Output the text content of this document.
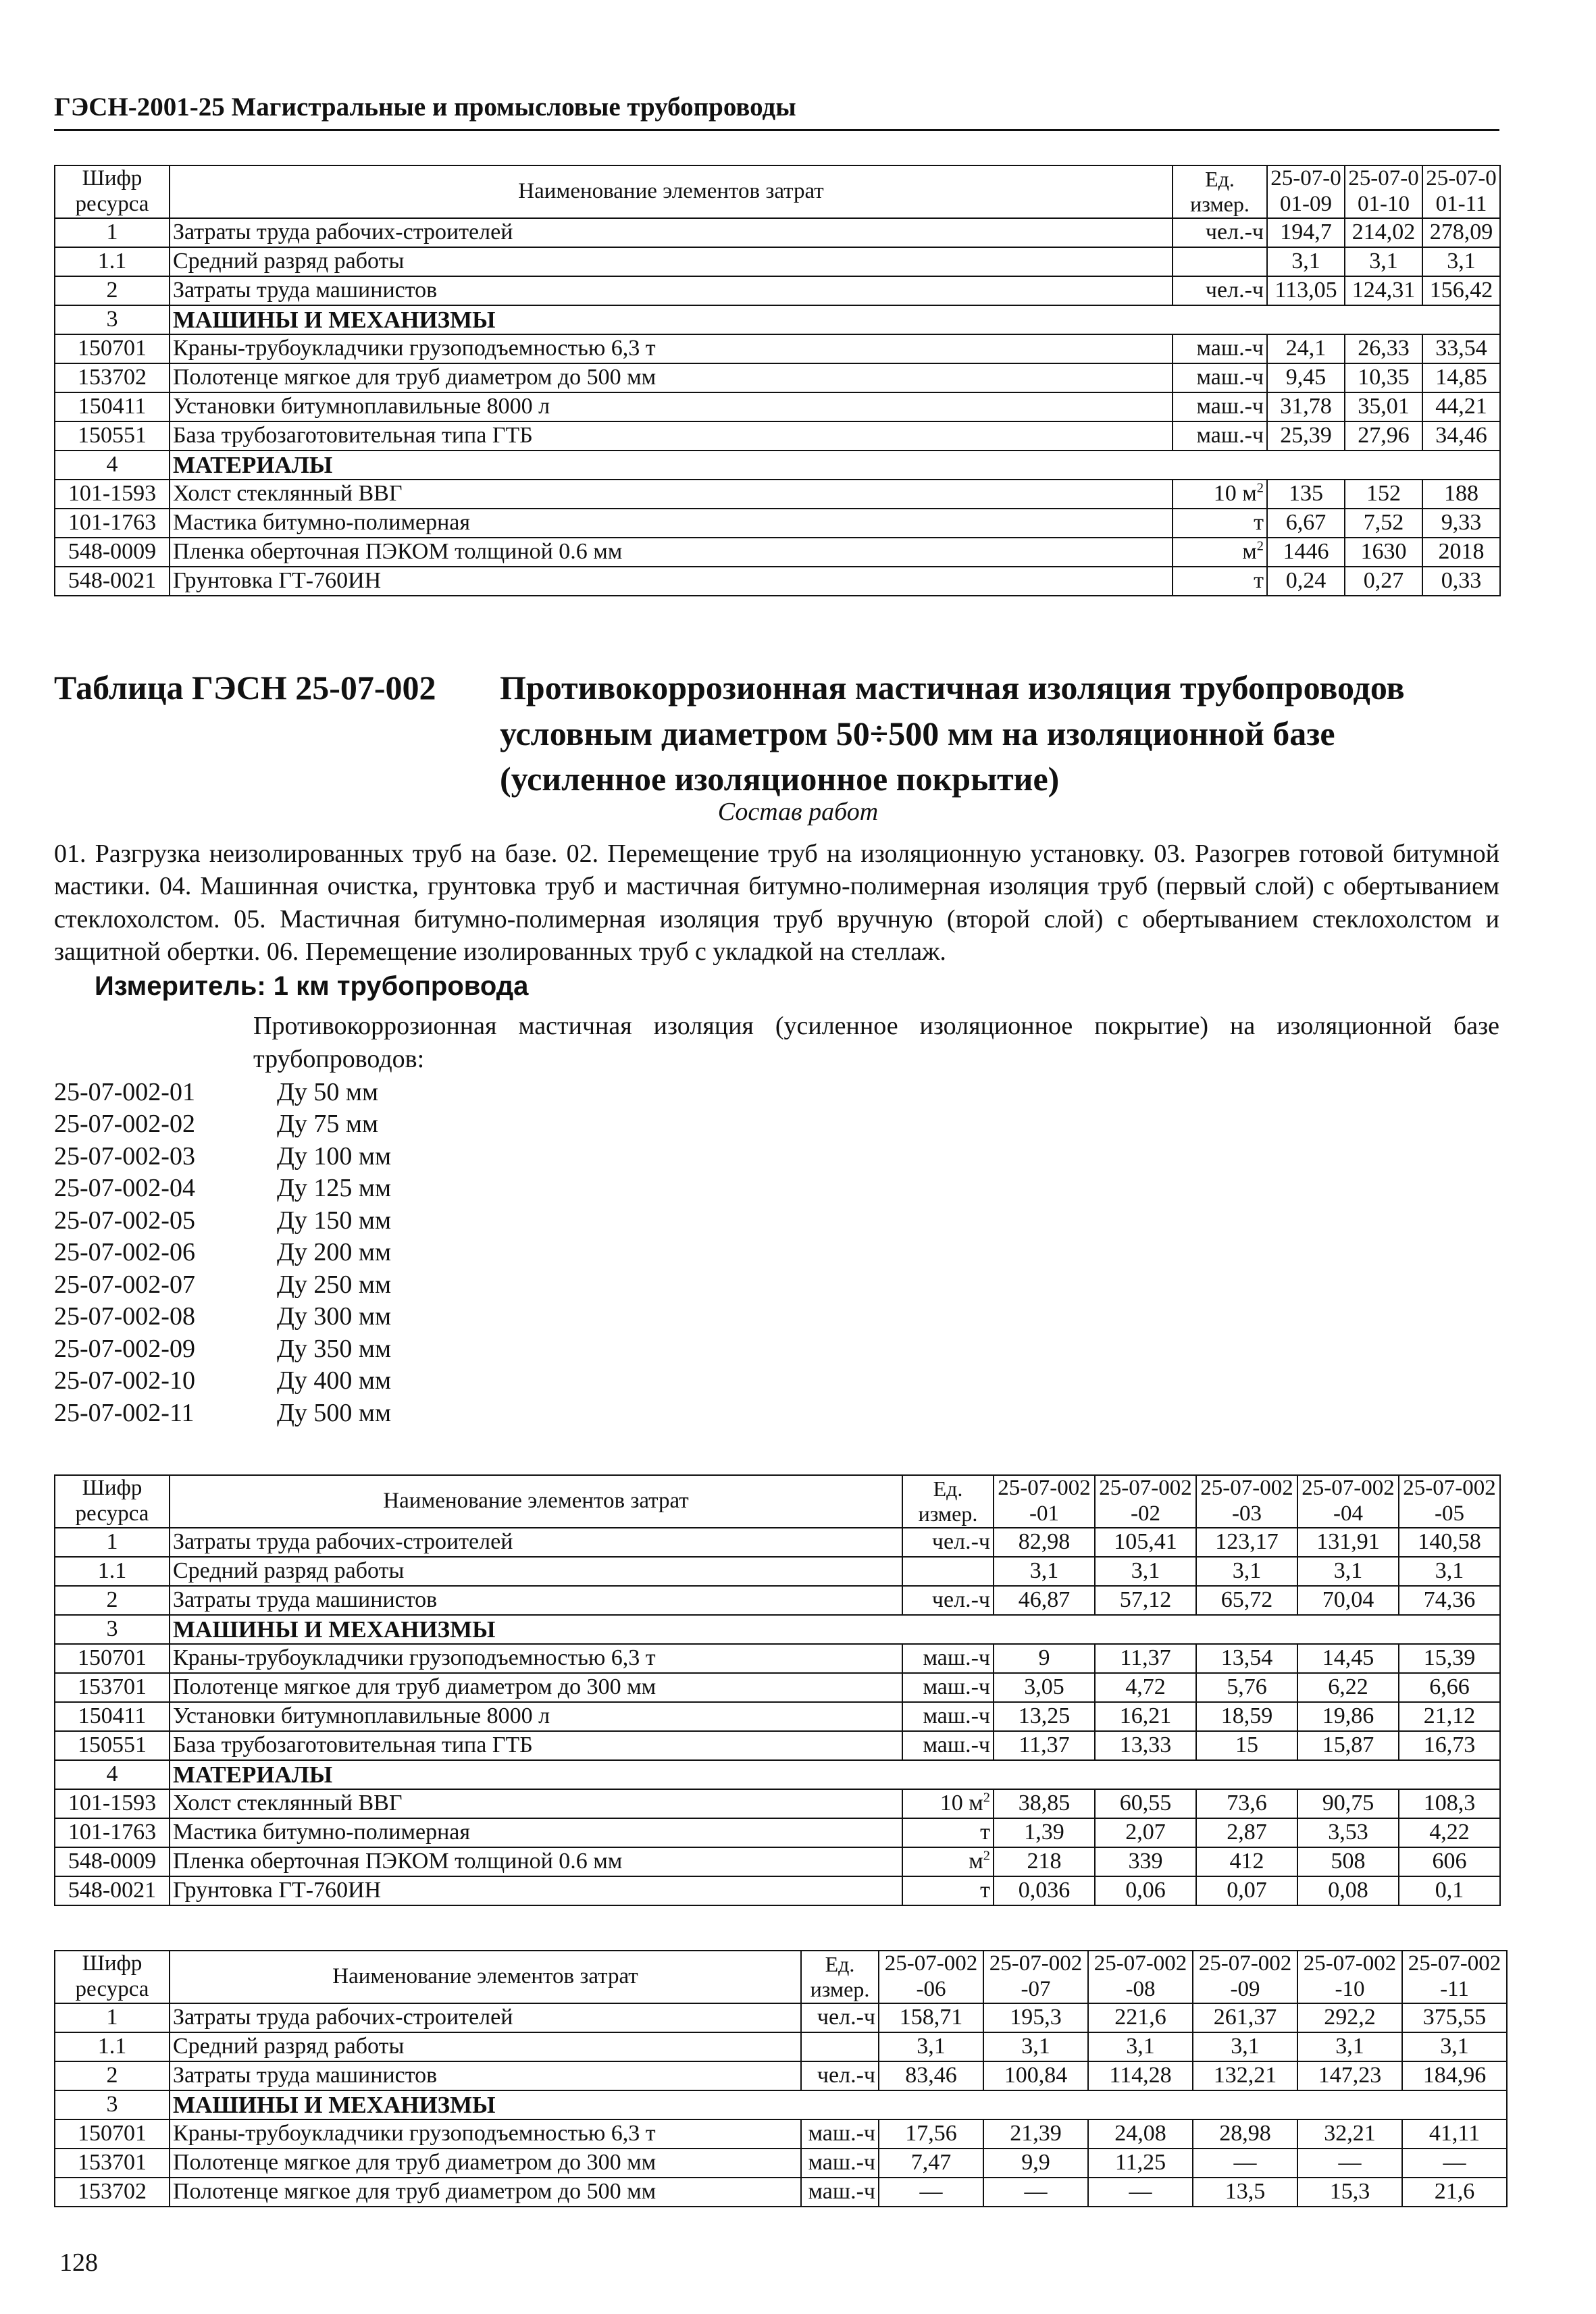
ГЭСН-2001-25 Магистральные и промысловые трубопроводы
Шифр ресурса	Наименование элементов затрат	Ед. измер.	25-07-001-09	25-07-001-10	25-07-001-11

1	Затраты труда рабочих-строителей	чел.-ч	194,7	214,02	278,09
1.1	Средний разряд работы		3,1	3,1	3,1
2	Затраты труда машинистов	чел.-ч	113,05	124,31	156,42
3	МАШИНЫ И МЕХАНИЗМЫ				
150701	Краны-трубоукладчики грузоподъемностью 6,3 т	маш.-ч	24,1	26,33	33,54
153702	Полотенце мягкое для труб диаметром до 500 мм	маш.-ч	9,45	10,35	14,85
150411	Установки битумноплавильные 8000 л	маш.-ч	31,78	35,01	44,21
150551	База трубозаготовительная типа ГТБ	маш.-ч	25,39	27,96	34,46
4	МАТЕРИАЛЫ				
101-1593	Холст стеклянный ВВГ	10 $м^2$	135	152	188
101-1763	Мастика битумно-полимерная	т	6,67	7,52	9,33
548-0009	Пленка оберточная ПЭКОМ толщиной 0.6 мм	$м^2$	1446	1630	2018
548-0021	Грунтовка ГТ-760ИН	т	0,24	0,27	0,33
Таблица ГЭСН 25-07-002 Противокоррозионная мастичная изоляция трубопроводов условным диаметром 50÷500 мм на изоляционной базе (усиленное изоляционное покрытие)
Состав работ
01. Разгрузка неизолированных труб на базе. 02. Перемещение труб на изоляционную установку. 03. Разогрев готовой битумной мастики. 04. Машинная очистка, грунтовка труб и мастичная битумно-полимерная изоляция труб (первый слой) с обертыванием стеклохолстом. 05. Мастичная битумно-полимерная изоляция труб вручную (второй слой) с обертыванием стеклохолстом и защитной обертки. 06. Перемещение изолированных труб с укладкой на стеллаж.
Измеритель: 1 км трубопровода
Противокоррозионная мастичная изоляция (усиленное изоляционное покрытие) на изоляционной базе трубопроводов:
25-07-002-01	Ду 50 мм
25-07-002-02	Ду 75 мм
25-07-002-03	Ду 100 мм
25-07-002-04	Ду 125 мм
25-07-002-05	Ду 150 мм
25-07-002-06	Ду 200 мм
25-07-002-07	Ду 250 мм
25-07-002-08	Ду 300 мм
25-07-002-09	Ду 350 мм
25-07-002-10	Ду 400 мм
25-07-002-11	Ду 500 мм
Шифр ресурса	Наименование элементов затрат	Ед. измер.	25-07-002-01	25-07-002-02	25-07-002-03	25-07-002-04	25-07-002-05

1	Затраты труда рабочих-строителей	чел.-ч	82,98	105,41	123,17	131,91	140,58
1.1	Средний разряд работы		3,1	3,1	3,1	3,1	3,1
2	Затраты труда машинистов	чел.-ч	46,87	57,12	65,72	70,04	74,36
3	МАШИНЫ И МЕХАНИЗМЫ						
150701	Краны-трубоукладчики грузоподъемностью 6,3 т	маш.-ч	9	11,37	13,54	14,45	15,39
153701	Полотенце мягкое для труб диаметром до 300 мм	маш.-ч	3,05	4,72	5,76	6,22	6,66
150411	Установки битумноплавильные 8000 л	маш.-ч	13,25	16,21	18,59	19,86	21,12
150551	База трубозаготовительная типа ГТБ	маш.-ч	11,37	13,33	15	15,87	16,73
4	МАТЕРИАЛЫ						
101-1593	Холст стеклянный ВВГ	10 $м^2$	38,85	60,55	73,6	90,75	108,3
101-1763	Мастика битумно-полимерная	т	1,39	2,07	2,87	3,53	4,22
548-0009	Пленка оберточная ПЭКОМ толщиной 0.6 мм	$м^2$	218	339	412	508	606
548-0021	Грунтовка ГТ-760ИН	т	0,036	0,06	0,07	0,08	0,1
Шифр ресурса	Наименование элементов затрат	Ед. измер.	25-07-002-06	25-07-002-07	25-07-002-08	25-07-002-09	25-07-002-10	25-07-002-11

1	Затраты труда рабочих-строителей	чел.-ч	158,71	195,3	221,6	261,37	292,2	375,55
1.1	Средний разряд работы		3,1	3,1	3,1	3,1	3,1	3,1
2	Затраты труда машинистов	чел.-ч	83,46	100,84	114,28	132,21	147,23	184,96
3	МАШИНЫ И МЕХАНИЗМЫ							
150701	Краны-трубоукладчики грузоподъемностью 6,3 т	маш.-ч	17,56	21,39	24,08	28,98	32,21	41,11
153701	Полотенце мягкое для труб диаметром до 300 мм	маш.-ч	7,47	9,9	11,25	—	—	—
153702	Полотенце мягкое для труб диаметром до 500 мм	маш.-ч	—	—	—	13,5	15,3	21,6
128
